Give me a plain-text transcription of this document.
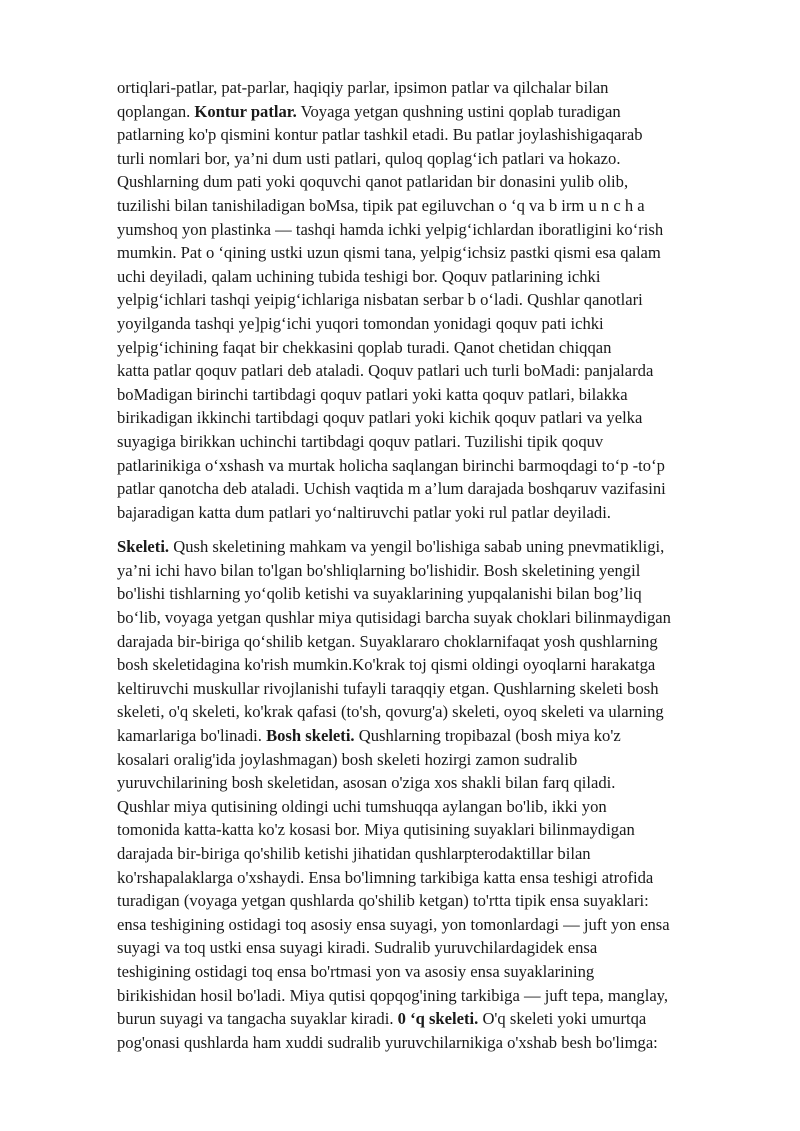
ortiqlari-patlar, pat-parlar, haqiqiy parlar, ipsimon patlar va qilchalar bilan
qoplangan. Kontur patlar. Voyaga yetgan qushning ustini qoplab turadigan
patlarning ko'p qismini kontur patlar tashkil etadi. Bu patlar joylashishigaqarab
turli nomlari bor, ya’ni dum usti patlari, quloq qoplag‘ich patlari va hokazo.
Qushlarning dum pati yoki qoquvchi qanot patlaridan bir donasini yulib olib,
tuzilishi bilan tanishiladigan boMsa, tipik pat egiluvchan o ‘q va b irm u n c h a
yumshoq yon plastinka — tashqi hamda ichki yelpig‘ichlardan iboratligini ko‘rish
mumkin. Pat o ‘qining ustki uzun qismi tana, yelpig‘ichsiz pastki qismi esa qalam
uchi deyiladi, qalam uchining tubida teshigi bor. Qoquv patlarining ichki
yelpig‘ichlari tashqi yeipig‘ichlariga nisbatan serbar b o‘ladi. Qushlar qanotlari
yoyilganda tashqi ye]pig‘ichi yuqori tomondan yonidagi qoquv pati ichki
yelpig‘ichining faqat bir chekkasini qoplab turadi. Qanot chetidan chiqqan
katta patlar qoquv patlari deb ataladi. Qoquv patlari uch turli boMadi: panjalarda
boMadigan birinchi tartibdagi qoquv patlari yoki katta qoquv patlari, bilakka
birikadigan ikkinchi tartibdagi qoquv patlari yoki kichik qoquv patlari va yelka
suyagiga birikkan uchinchi tartibdagi qoquv patlari. Tuzilishi tipik qoquv
patlarinikiga o‘xshash va murtak holicha saqlangan birinchi barmoqdagi to‘p -to‘p
patlar qanotcha deb ataladi. Uchish vaqtida m a’lum darajada boshqaruv vazifasini
bajaradigan katta dum patlari yo‘naltiruvchi patlar yoki rul patlar deyiladi.
Skeleti. Qush skeletining mahkam va yengil bo'lishiga sabab uning pnevmatikligi,
ya’ni ichi havo bilan to'lgan bo'shliqlarning bo'lishidir. Bosh skeletining yengil
bo'lishi tishlarning yo‘qolib ketishi va suyaklarining yupqalanishi bilan bog’liq
bo‘lib, voyaga yetgan qushlar miya qutisidagi barcha suyak choklari bilinmaydigan
darajada bir-biriga qo‘shilib ketgan. Suyaklararo choklarnifaqat yosh qushlarning
bosh skeletidagina ko'rish mumkin.Ko'krak toj qismi oldingi oyoqlarni harakatga
keltiruvchi muskullar rivojlanishi tufayli taraqqiy etgan. Qushlarning skeleti bosh
skeleti, o'q skeleti, ko'krak qafasi (to'sh, qovurg'a) skeleti, oyoq skeleti va ularning
kamarlariga bo'linadi. Bosh skeleti. Qushlarning tropibazal (bosh miya ko'z
kosalari oralig'ida joylashmagan) bosh skeleti hozirgi zamon sudralib
yuruvchilarining bosh skeletidan, asosan o'ziga xos shakli bilan farq qiladi.
Qushlar miya qutisining oldingi uchi tumshuqqa aylangan bo'lib, ikki yon
tomonida katta-katta ko'z kosasi bor. Miya qutisining suyaklari bilinmaydigan
darajada bir-biriga qo'shilib ketishi jihatidan qushlarpterodaktillar bilan
ko'rshapalaklarga o'xshaydi. Ensa bo'limning tarkibiga katta ensa teshigi atrofida
turadigan (voyaga yetgan qushlarda qo'shilib ketgan) to'rtta tipik ensa suyaklari:
ensa teshigining ostidagi toq asosiy ensa suyagi, yon tomonlardagi — juft yon ensa
suyagi va toq ustki ensa suyagi kiradi. Sudralib yuruvchilardagidek ensa
teshigining ostidagi toq ensa bo'rtmasi yon va asosiy ensa suyaklarining
birikishidan hosil bo'ladi. Miya qutisi qopqog'ining tarkibiga — juft tepa, manglay,
burun suyagi va tangacha suyaklar kiradi. 0 ‘q skeleti. O'q skeleti yoki umurtqa
pog'onasi qushlarda ham xuddi sudralib yuruvchilarnikiga o'xshab besh bo'limga:
